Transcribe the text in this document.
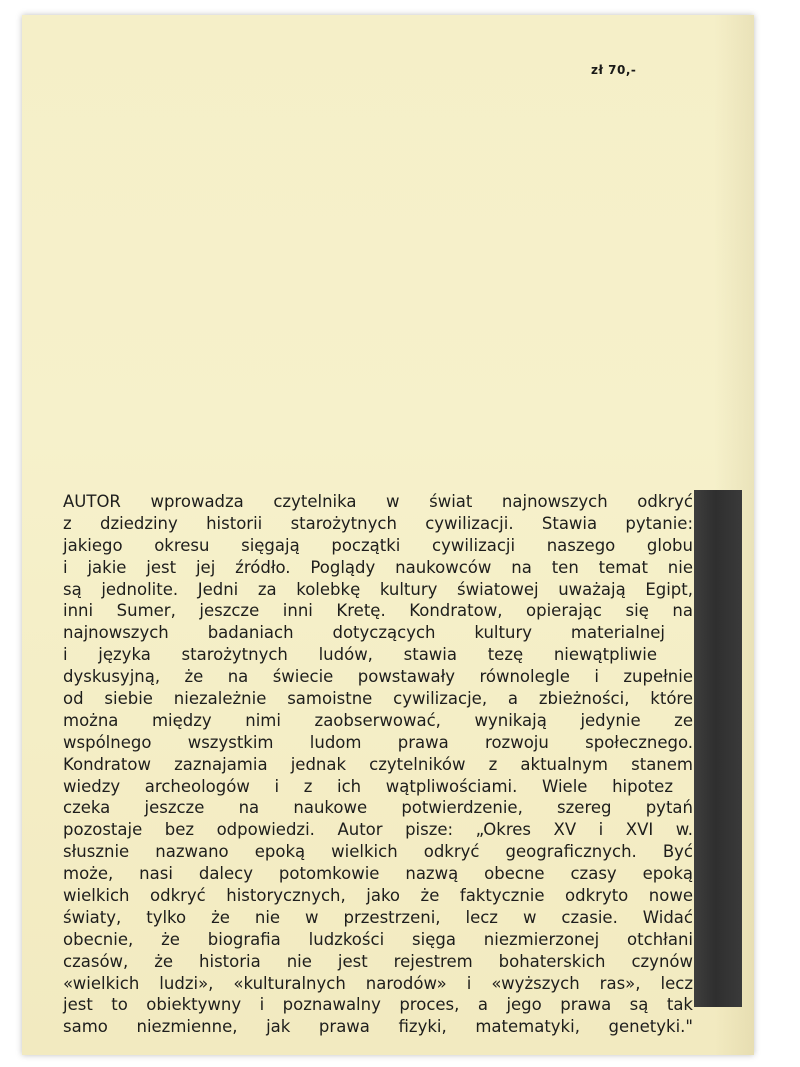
zł 70,-
AUTOR wprowadza czytelnika w świat najnowszych odkryć
z dziedziny historii starożytnych cywilizacji. Stawia pytanie:
jakiego okresu sięgają początki cywilizacji naszego globu
i jakie jest jej źródło. Poglądy naukowców na ten temat nie
są jednolite. Jedni za kolebkę kultury światowej uważają Egipt,
inni Sumer, jeszcze inni Kretę. Kondratow, opierając się na
najnowszych badaniach dotyczących kultury materialnej
i języka starożytnych ludów, stawia tezę niewątpliwie
dyskusyjną, że na świecie powstawały równolegle i zupełnie
od siebie niezależnie samoistne cywilizacje, a zbieżności, które
można między nimi zaobserwować, wynikają jedynie ze
wspólnego wszystkim ludom prawa rozwoju społecznego.
Kondratow zaznajamia jednak czytelników z aktualnym stanem
wiedzy archeologów i z ich wątpliwościami. Wiele hipotez
czeka jeszcze na naukowe potwierdzenie, szereg pytań
pozostaje bez odpowiedzi. Autor pisze: „Okres XV i XVI w.
słusznie nazwano epoką wielkich odkryć geograficznych. Być
może, nasi dalecy potomkowie nazwą obecne czasy epoką
wielkich odkryć historycznych, jako że faktycznie odkryto nowe
światy, tylko że nie w przestrzeni, lecz w czasie. Widać
obecnie, że biografia ludzkości sięga niezmierzonej otchłani
czasów, że historia nie jest rejestrem bohaterskich czynów
«wielkich ludzi», «kulturalnych narodów» i «wyższych ras», lecz
jest to obiektywny i poznawalny proces, a jego prawa są tak
samo niezmienne, jak prawa fizyki, matematyki, genetyki."
